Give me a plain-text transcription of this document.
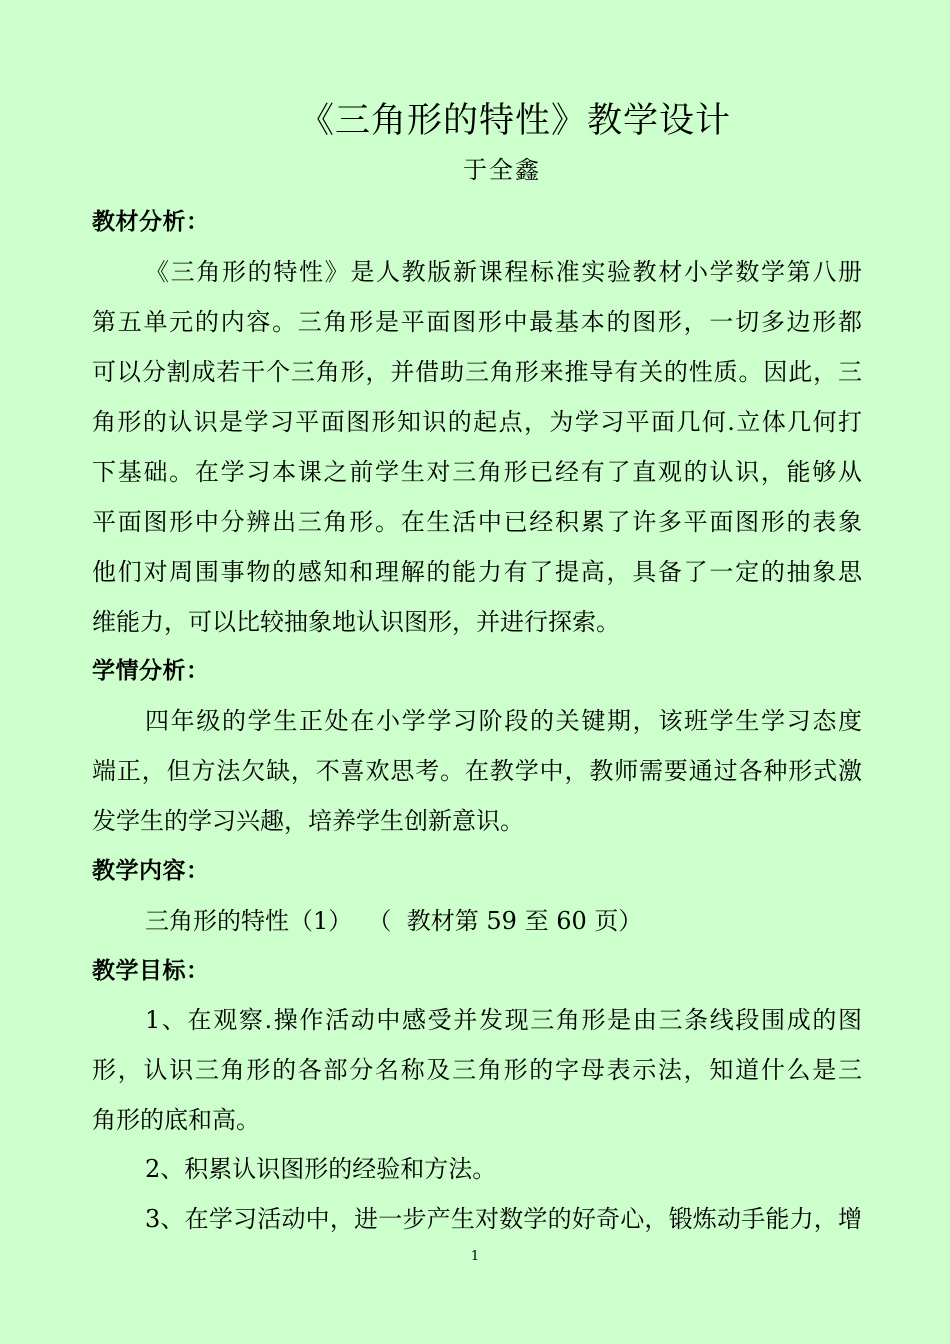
《三角形的特性》教学设计
于全鑫
教材分析：
《三角形的特性》是人教版新课程标准实验教材小学数学第八册
第五单元的内容。三角形是平面图形中最基本的图形，一切多边形都
可以分割成若干个三角形，并借助三角形来推导有关的性质。因此，三
角形的认识是学习平面图形知识的起点，为学习平面几何.立体几何打
下基础。在学习本课之前学生对三角形已经有了直观的认识，能够从
平面图形中分辨出三角形。在生活中已经积累了许多平面图形的表象
他们对周围事物的感知和理解的能力有了提高，具备了一定的抽象思
维能力，可以比较抽象地认识图形，并进行探索。
学情分析：
四年级的学生正处在小学学习阶段的关键期，该班学生学习态度
端正，但方法欠缺，不喜欢思考。在教学中，教师需要通过各种形式激
发学生的学习兴趣，培养学生创新意识。
教学内容：
三角形的特性（1）  （  教材第 59 至 60 页）
教学目标：
1、在观察.操作活动中感受并发现三角形是由三条线段围成的图
形，认识三角形的各部分名称及三角形的字母表示法，知道什么是三
角形的底和高。
2、积累认识图形的经验和方法。
3、在学习活动中，进一步产生对数学的好奇心，锻炼动手能力，增
1
